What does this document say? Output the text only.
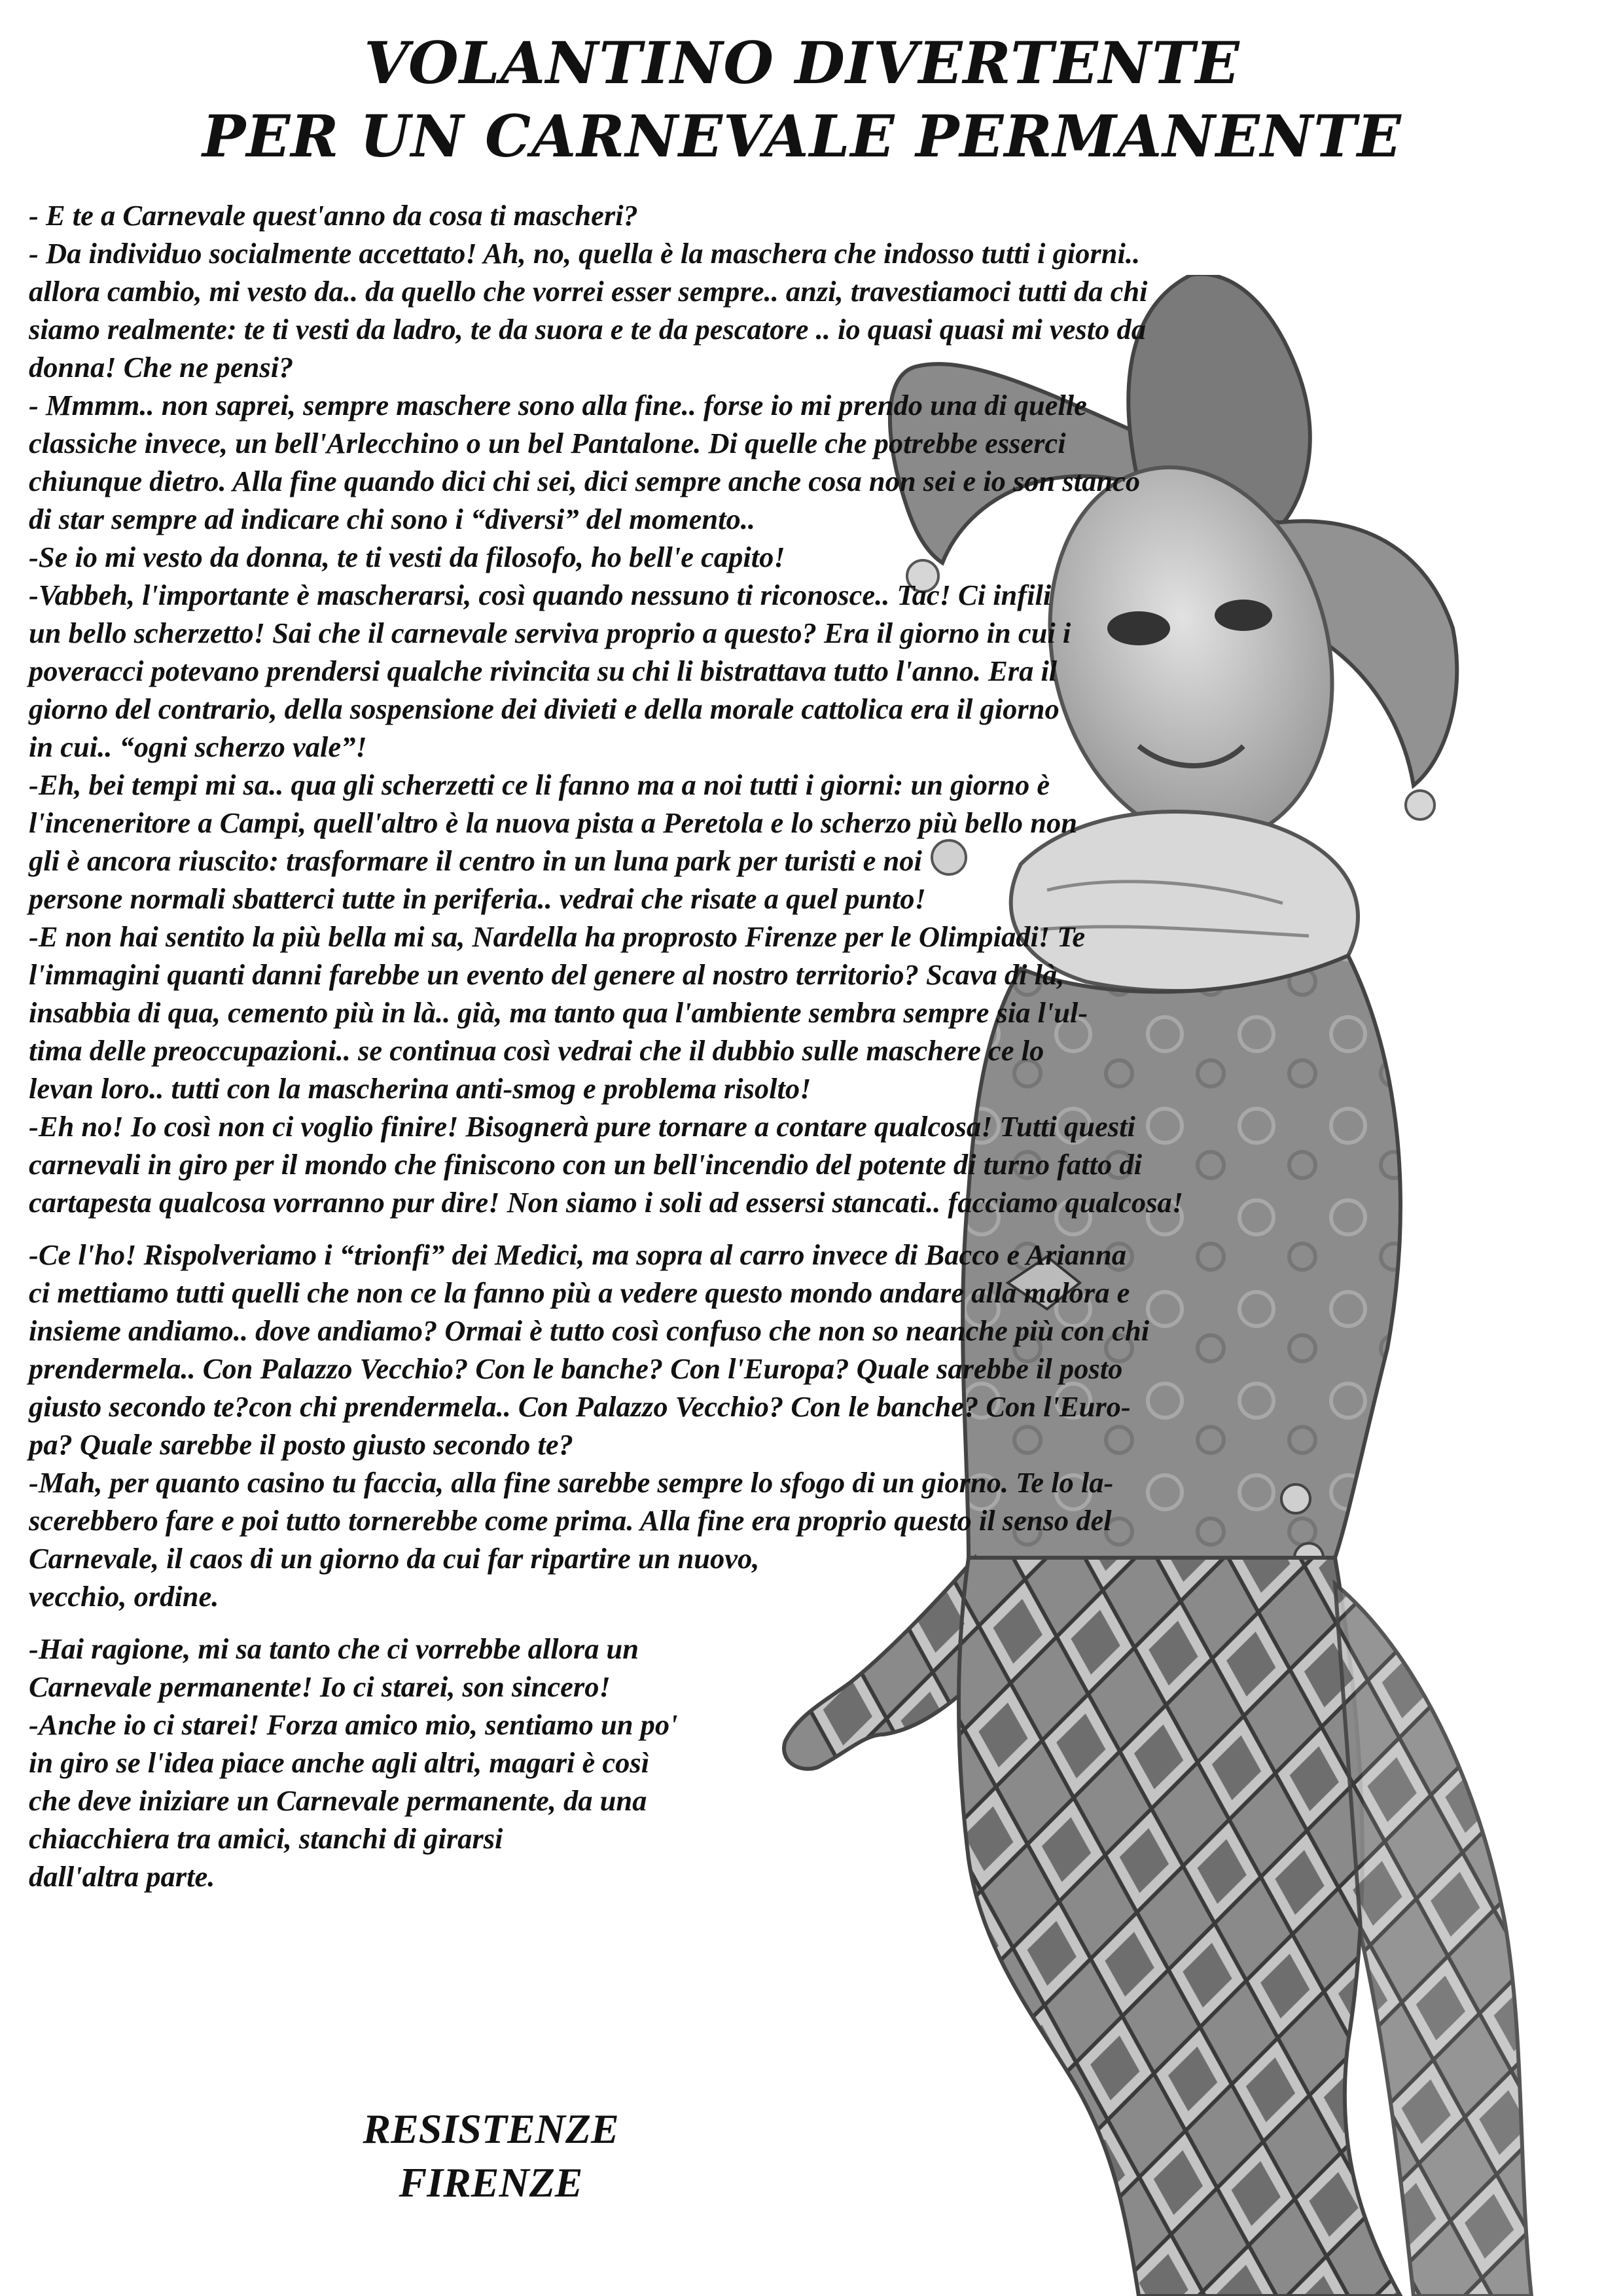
VOLANTINO DIVERTENTE
PER UN CARNEVALE PERMANENTE
- E te a Carnevale quest'anno da cosa ti mascheri?
- Da individuo socialmente accettato! Ah, no, quella è la maschera che indosso tutti i giorni..
allora cambio, mi vesto da.. da quello che vorrei esser sempre.. anzi, travestiamoci tutti da chi
siamo realmente: te ti vesti da ladro, te da suora e te da pescatore .. io quasi quasi mi vesto da
donna! Che ne pensi?
- Mmmm.. non saprei, sempre maschere sono alla fine.. forse io mi prendo una di quelle
classiche invece, un bell'Arlecchino o un bel Pantalone. Di quelle che potrebbe esserci
chiunque dietro. Alla fine quando dici chi sei, dici sempre anche cosa non sei e io son stanco
di star sempre ad indicare chi sono i “diversi” del momento..
-Se io mi vesto da donna, te ti vesti da filosofo, ho bell'e capito!
-Vabbeh, l'importante è mascherarsi, così quando nessuno ti riconosce.. Tac! Ci infili
un bello scherzetto! Sai che il carnevale serviva proprio a questo? Era il giorno in cui i
poveracci potevano prendersi qualche rivincita su chi li bistrattava tutto l'anno. Era il
giorno del contrario, della sospensione dei divieti e della morale cattolica era il giorno
in cui.. “ogni scherzo vale”!
-Eh, bei tempi mi sa.. qua gli scherzetti ce li fanno ma a noi tutti i giorni: un giorno è
l'inceneritore a Campi, quell'altro è la nuova pista a Peretola e lo scherzo più bello non
gli è ancora riuscito: trasformare il centro in un luna park per turisti e noi
persone normali sbatterci tutte in periferia.. vedrai che risate a quel punto!
-E non hai sentito la più bella mi sa, Nardella ha proprosto Firenze per le Olimpiadi! Te
l'immagini quanti danni farebbe un evento del genere al nostro territorio? Scava di là,
insabbia di qua, cemento più in là.. già, ma tanto qua l'ambiente sembra sempre sia l'ul-
tima delle preoccupazioni.. se continua così vedrai che il dubbio sulle maschere ce lo
levan loro.. tutti con la mascherina anti-smog e problema risolto!
-Eh no! Io così non ci voglio finire! Bisognerà pure tornare a contare qualcosa! Tutti questi
carnevali in giro per il mondo che finiscono con un bell'incendio del potente di turno fatto di
cartapesta qualcosa vorranno pur dire! Non siamo i soli ad essersi stancati.. facciamo qualcosa!
-Ce l'ho! Rispolveriamo i “trionfi” dei Medici, ma sopra al carro invece di Bacco e Arianna
ci mettiamo tutti quelli che non ce la fanno più a vedere questo mondo andare alla malora e
insieme andiamo.. dove andiamo? Ormai è tutto così confuso che non so neanche più con chi
prendermela.. Con Palazzo Vecchio? Con le banche? Con l'Europa? Quale sarebbe il posto
giusto secondo te?con chi prendermela.. Con Palazzo Vecchio? Con le banche? Con l'Euro-
pa? Quale sarebbe il posto giusto secondo te?
-Mah, per quanto casino tu faccia, alla fine sarebbe sempre lo sfogo di un giorno. Te lo la-
scerebbero fare e poi tutto tornerebbe come prima. Alla fine era proprio questo il senso del
Carnevale, il caos di un giorno da cui far ripartire un nuovo,
vecchio, ordine.
-Hai ragione, mi sa tanto che ci vorrebbe allora un
Carnevale permanente! Io ci starei, son sincero!
-Anche io ci starei! Forza amico mio, sentiamo un po'
in giro se l'idea piace anche agli altri, magari è così
che deve iniziare un Carnevale permanente, da una
chiacchiera tra amici, stanchi di girarsi
dall'altra parte.
RESISTENZE
FIRENZE
